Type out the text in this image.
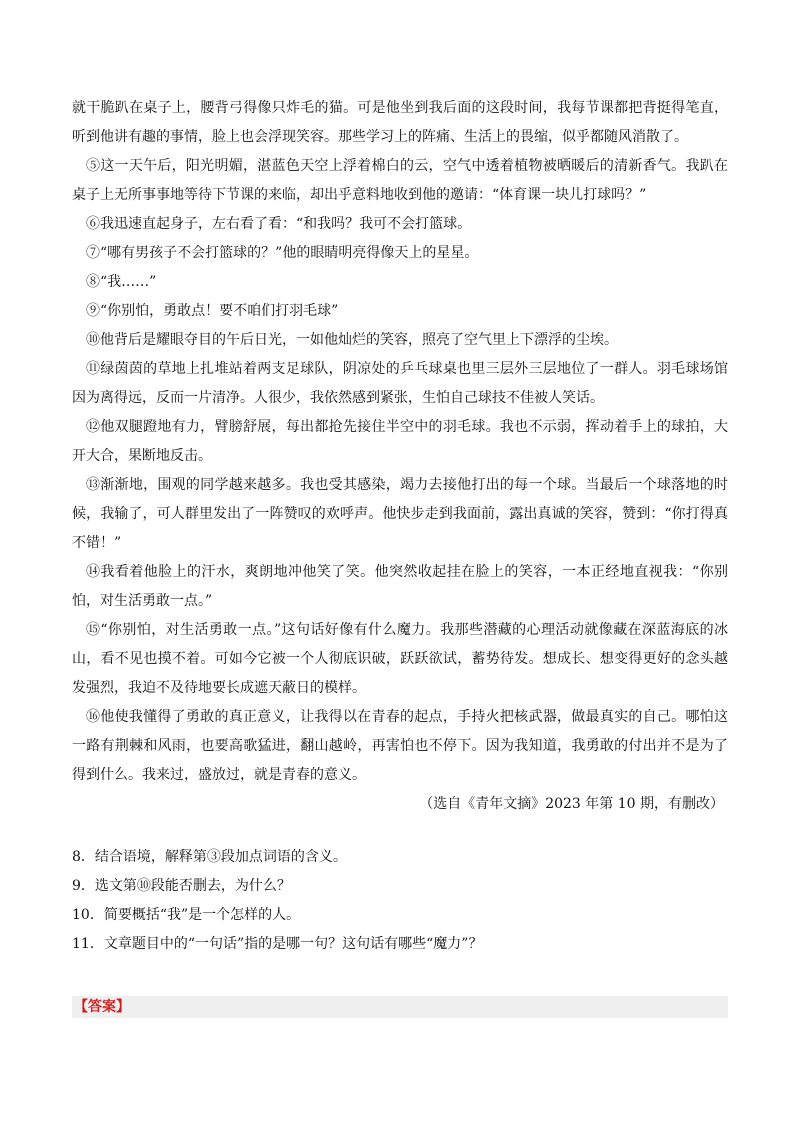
就干脆趴在桌子上，腰背弓得像只炸毛的猫。可是他坐到我后面的这段时间，我每节课都把背挺得笔直，听到他讲有趣的事情，脸上也会浮现笑容。那些学习上的阵痛、生活上的畏缩，似乎都随风消散了。

⑤这一天午后，阳光明媚，湛蓝色天空上浮着棉白的云，空气中透着植物被晒暖后的清新香气。我趴在桌子上无所事事地等待下节课的来临，却出乎意料地收到他的邀请：“体育课一块儿打球吗？”

⑥我迅速直起身子，左右看了看：“和我吗？我可不会打篮球。

⑦“哪有男孩子不会打篮球的？”他的眼睛明亮得像天上的星星。

⑧“我……”

⑨“你别怕，勇敢点！要不咱们打羽毛球”

⑩他背后是耀眼夺目的午后日光，一如他灿烂的笑容，照亮了空气里上下漂浮的尘埃。

⑪绿茵茵的草地上扎堆站着两支足球队，阴凉处的乒乓球桌也里三层外三层地位了一群人。羽毛球场馆因为离得远，反而一片清净。人很少，我依然感到紧张，生怕自己球技不佳被人笑话。

⑫他双腿蹬地有力，臂膀舒展，每出都抢先接住半空中的羽毛球。我也不示弱，挥动着手上的球拍，大开大合，果断地反击。

⑬渐渐地，围观的同学越来越多。我也受其感染，竭力去接他打出的每一个球。当最后一个球落地的时候，我输了，可人群里发出了一阵赞叹的欢呼声。他快步走到我面前，露出真诚的笑容，赞到：“你打得真不错！”

⑭我看着他脸上的汗水，爽朗地冲他笑了笑。他突然收起挂在脸上的笑容，一本正经地直视我：“你别怕，对生活勇敢一点。”

⑮“你别怕，对生活勇敢一点。”这句话好像有什么魔力。我那些潜藏的心理活动就像藏在深蓝海底的冰山，看不见也摸不着。可如今它被一个人彻底识破，跃跃欲试，蓄势待发。想成长、想变得更好的念头越发强烈，我迫不及待地要长成遮天蔽日的模样。

⑯他使我懂得了勇敢的真正意义，让我得以在青春的起点，手持火把核武器，做最真实的自己。哪怕这一路有荆棘和风雨，也要高歌猛进，翻山越岭，再害怕也不停下。因为我知道，我勇敢的付出并不是为了得到什么。我来过，盛放过，就是青春的意义。

（选自《青年文摘》2023 年第 10 期，有删改）

8．结合语境，解释第③段加点词语的含义。

9．选文第⑩段能否删去，为什么？

10．简要概括“我”是一个怎样的人。

11．文章题目中的“一句话”指的是哪一句？这句话有哪些“魔力”？

【答案】
